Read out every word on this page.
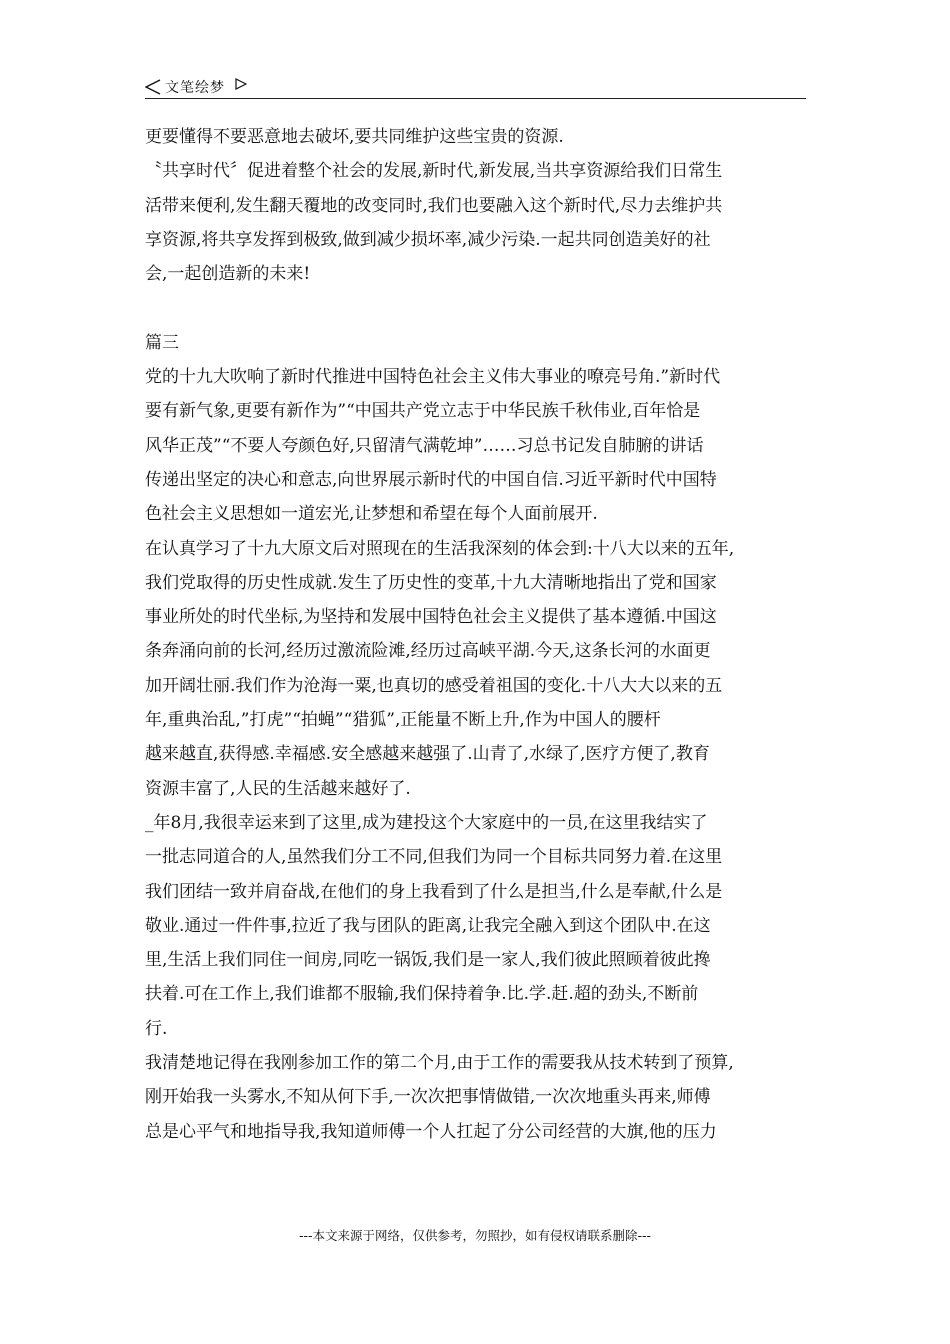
文笔绘梦
更要懂得不要恶意地去破坏,要共同维护这些宝贵的资源.
〝共享时代〞促进着整个社会的发展,新时代,新发展,当共享资源给我们日常生
活带来便利,发生翻天覆地的改变同时,我们也要融入这个新时代,尽力去维护共
享资源,将共享发挥到极致,做到减少损坏率,减少污染.一起共同创造美好的社
会,一起创造新的未来!
篇三
党的十九大吹响了新时代推进中国特色社会主义伟大事业的嘹亮号角.”新时代
要有新气象,更要有新作为”“中国共产党立志于中华民族千秋伟业,百年恰是
风华正茂”“不要人夸颜色好,只留清气满乾坤”……习总书记发自肺腑的讲话
传递出坚定的决心和意志,向世界展示新时代的中国自信.习近平新时代中国特
色社会主义思想如一道宏光,让梦想和希望在每个人面前展开.
在认真学习了十九大原文后对照现在的生活我深刻的体会到:十八大以来的五年,
我们党取得的历史性成就.发生了历史性的变革,十九大清晰地指出了党和国家
事业所处的时代坐标,为坚持和发展中国特色社会主义提供了基本遵循.中国这
条奔涌向前的长河,经历过激流险滩,经历过高峡平湖.今天,这条长河的水面更
加开阔壮丽.我们作为沧海一粟,也真切的感受着祖国的变化.十八大大以来的五
年,重典治乱,”打虎”“拍蝇”“猎狐”,正能量不断上升,作为中国人的腰杆
越来越直,获得感.幸福感.安全感越来越强了.山青了,水绿了,医疗方便了,教育
资源丰富了,人民的生活越来越好了.
_年8月,我很幸运来到了这里,成为建投这个大家庭中的一员,在这里我结实了
一批志同道合的人,虽然我们分工不同,但我们为同一个目标共同努力着.在这里
我们团结一致并肩奋战,在他们的身上我看到了什么是担当,什么是奉献,什么是
敬业.通过一件件事,拉近了我与团队的距离,让我完全融入到这个团队中.在这
里,生活上我们同住一间房,同吃一锅饭,我们是一家人,我们彼此照顾着彼此搀
扶着.可在工作上,我们谁都不服输,我们保持着争.比.学.赶.超的劲头,不断前
行.
我清楚地记得在我刚参加工作的第二个月,由于工作的需要我从技术转到了预算,
刚开始我一头雾水,不知从何下手,一次次把事情做错,一次次地重头再来,师傅
总是心平气和地指导我,我知道师傅一个人扛起了分公司经营的大旗,他的压力
---本文来源于网络，仅供参考，勿照抄，如有侵权请联系删除---
